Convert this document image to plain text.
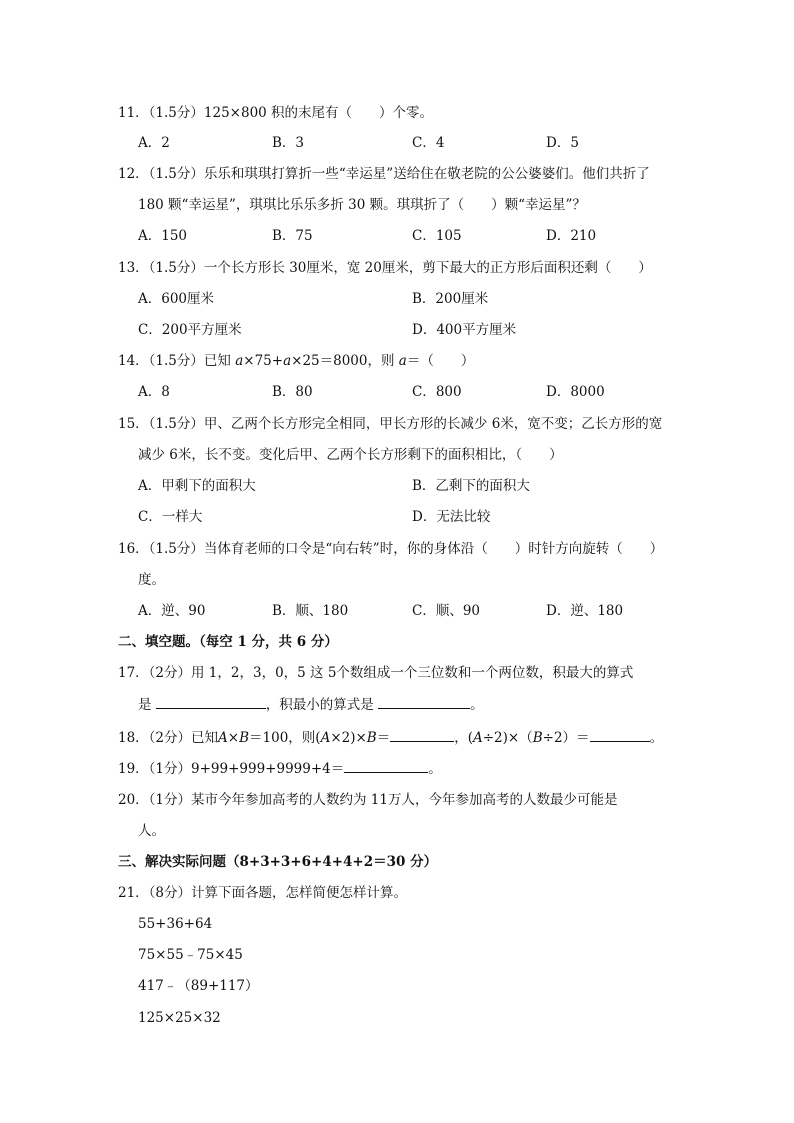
11．（1.5分）125×800 积的末尾有（　　）个零。
A．2	B．3	C．4	D．5
12．（1.5分）乐乐和琪琪打算折一些“幸运星”送给住在敬老院的公公婆婆们。他们共折了
180 颗“幸运星”，琪琪比乐乐多折 30 颗。琪琪折了（　　）颗“幸运星”？
A．150	B．75	C．105	D．210
13．（1.5分）一个长方形长 30厘米，宽 20厘米，剪下最大的正方形后面积还剩（　　）
A．600厘米	B．200厘米
C．200平方厘米	D．400平方厘米
14．（1.5分）已知 a×75+a×25＝8000，则 a＝（　　）
A．8	B．80	C．800	D．8000
15．（1.5分）甲、乙两个长方形完全相同，甲长方形的长减少 6米，宽不变；乙长方形的宽
减少 6米，长不变。变化后甲、乙两个长方形剩下的面积相比，（　　）
A．甲剩下的面积大	B．乙剩下的面积大
C．一样大	D．无法比较
16．（1.5分）当体育老师的口令是“向右转”时，你的身体沿（　　）时针方向旋转（　　）
度。
A．逆、90	B．顺、180	C．顺、90	D．逆、180
二、填空题。（每空 1 分，共 6 分）
17．（2分）用 1，2，3，0，5 这 5个数组成一个三位数和一个两位数，积最大的算式
是	，积最小的算式是	。
18．（2分）已知A×B＝100，则(A×2)×B＝	，(A÷2)×（B÷2）＝	。
19．（1分）9+99+999+9999+4＝	。
20．（1分）某市今年参加高考的人数约为 11万人，今年参加高考的人数最少可能是
人。
三、解决实际问题（8+3+3+6+4+4+2＝30 分）
21．（8分）计算下面各题，怎样简便怎样计算。
55+36+64
75×55﹣75×45
417﹣（89+117）
125×25×32
